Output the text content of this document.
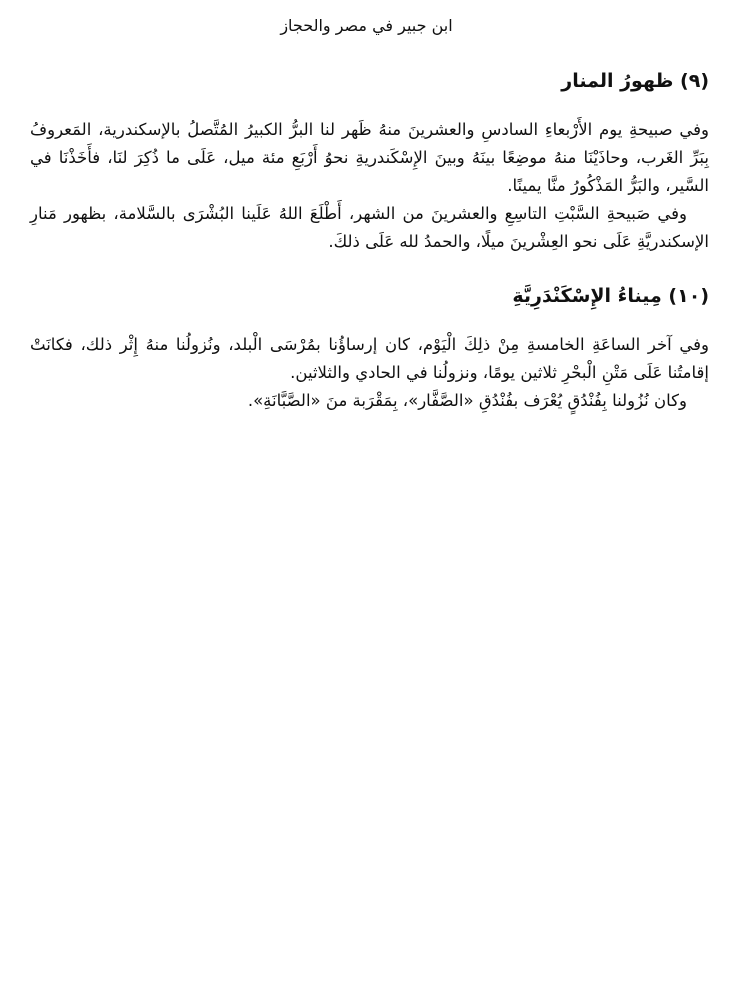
ابن جبير في مصر والحجاز
(٩) ظهورُ المنار

وفي صبيحةِ يوم الأَرْبعاءِ السادسِ والعشرينَ منهُ ظَهر لنا البرُّ الكبيرُ المُتَّصلُ بالإسكندرية، المَعروفُ بِبَرِّ الغَرب، وحاذَيْنَا منهُ موضِعًا بينَهُ وبينَ الإِسْكَندريةِ نحوُ أَرْبَعِ مئة ميل، عَلَى ما ذُكِرَ لنَا، فأَخَذْنَا في السَّير، والبَرُّ المَذْكُورُ منَّا يمينًا.

وفي صَبيحةِ السَّبْتِ التاسِعِ والعشرينَ من الشهر، أَطْلَعَ اللهُ عَلَينا البُشْرَى بالسَّلامة، بظهور مَنارِ الإسكندريَّةِ عَلَى نحو العِشْرينَ ميلًا، والحمدُ لله عَلَى ذلكَ.

(١٠) مِيناءُ الإِسْكَنْدَرِيَّةِ

وفي آخر الساعَةِ الخامسةِ مِنْ ذلِكَ الْيَوْم، كان إرساؤُنا بمُرْسَى الْبلد، ونُزولُنا منهُ إِثْر ذلك، فكانَتْ إقامتُنا عَلَى مَتْنِ الْبحْرِ ثلاثين يومًا، ونزولُنا في الحادي والثلاثين.

وكان نُزُولنا بِفُنْدُقٍ يُعْرَف بفُنْدُقِ «الصَّفَّار»، بِمَقْرَبة منَ «الصَّبَّانَةِ».
